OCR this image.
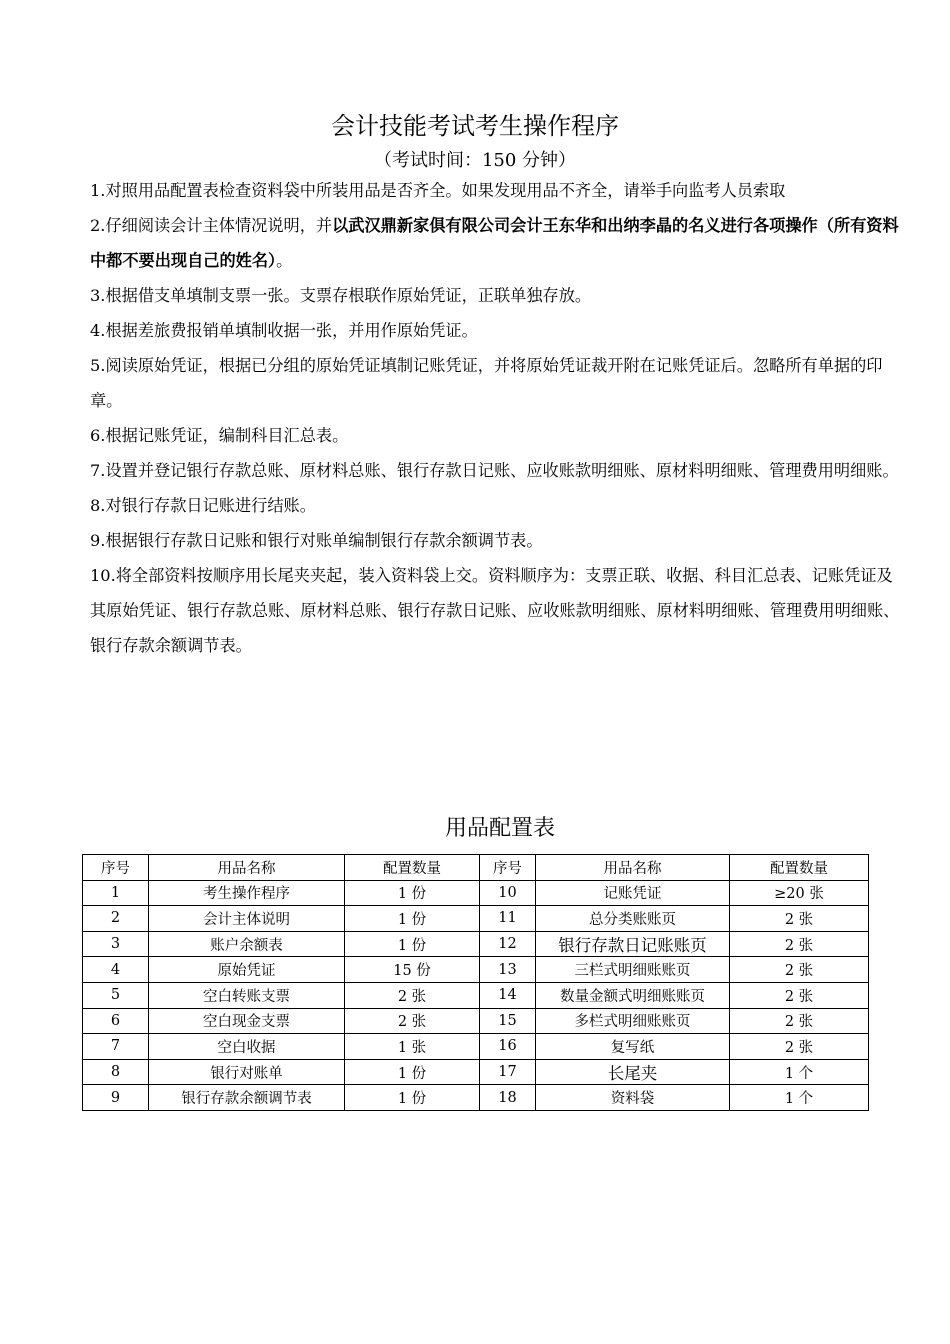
会计技能考试考生操作程序
（考试时间：150 分钟）

1.对照用品配置表检查资料袋中所装用品是否齐全。如果发现用品不齐全，请举手向监考人员索取

2.仔细阅读会计主体情况说明，并以武汉鼎新家俱有限公司会计王东华和出纳李晶的名义进行各项操作（所有资料中都不要出现自己的姓名）。

3.根据借支单填制支票一张。支票存根联作原始凭证，正联单独存放。

4.根据差旅费报销单填制收据一张，并用作原始凭证。

5.阅读原始凭证，根据已分组的原始凭证填制记账凭证，并将原始凭证裁开附在记账凭证后。忽略所有单据的印章。

6.根据记账凭证，编制科目汇总表。

7.设置并登记银行存款总账、原材料总账、银行存款日记账、应收账款明细账、原材料明细账、管理费用明细账。

8.对银行存款日记账进行结账。

9.根据银行存款日记账和银行对账单编制银行存款余额调节表。

10.将全部资料按顺序用长尾夹夹起，装入资料袋上交。资料顺序为：支票正联、收据、科目汇总表、记账凭证及其原始凭证、银行存款总账、原材料总账、银行存款日记账、应收账款明细账、原材料明细账、管理费用明细账、银行存款余额调节表。

用品配置表
序号	用品名称	配置数量	序号	用品名称	配置数量
1	考生操作程序	1 份	10	记账凭证	≥20 张
2	会计主体说明	1 份	11	总分类账账页	2 张
3	账户余额表	1 份	12	银行存款日记账账页	2 张
4	原始凭证	15 份	13	三栏式明细账账页	2 张
5	空白转账支票	2 张	14	数量金额式明细账账页	2 张
6	空白现金支票	2 张	15	多栏式明细账账页	2 张
7	空白收据	1 张	16	复写纸	2 张
8	银行对账单	1 份	17	长尾夹	1 个
9	银行存款余额调节表	1 份	18	资料袋	1 个
